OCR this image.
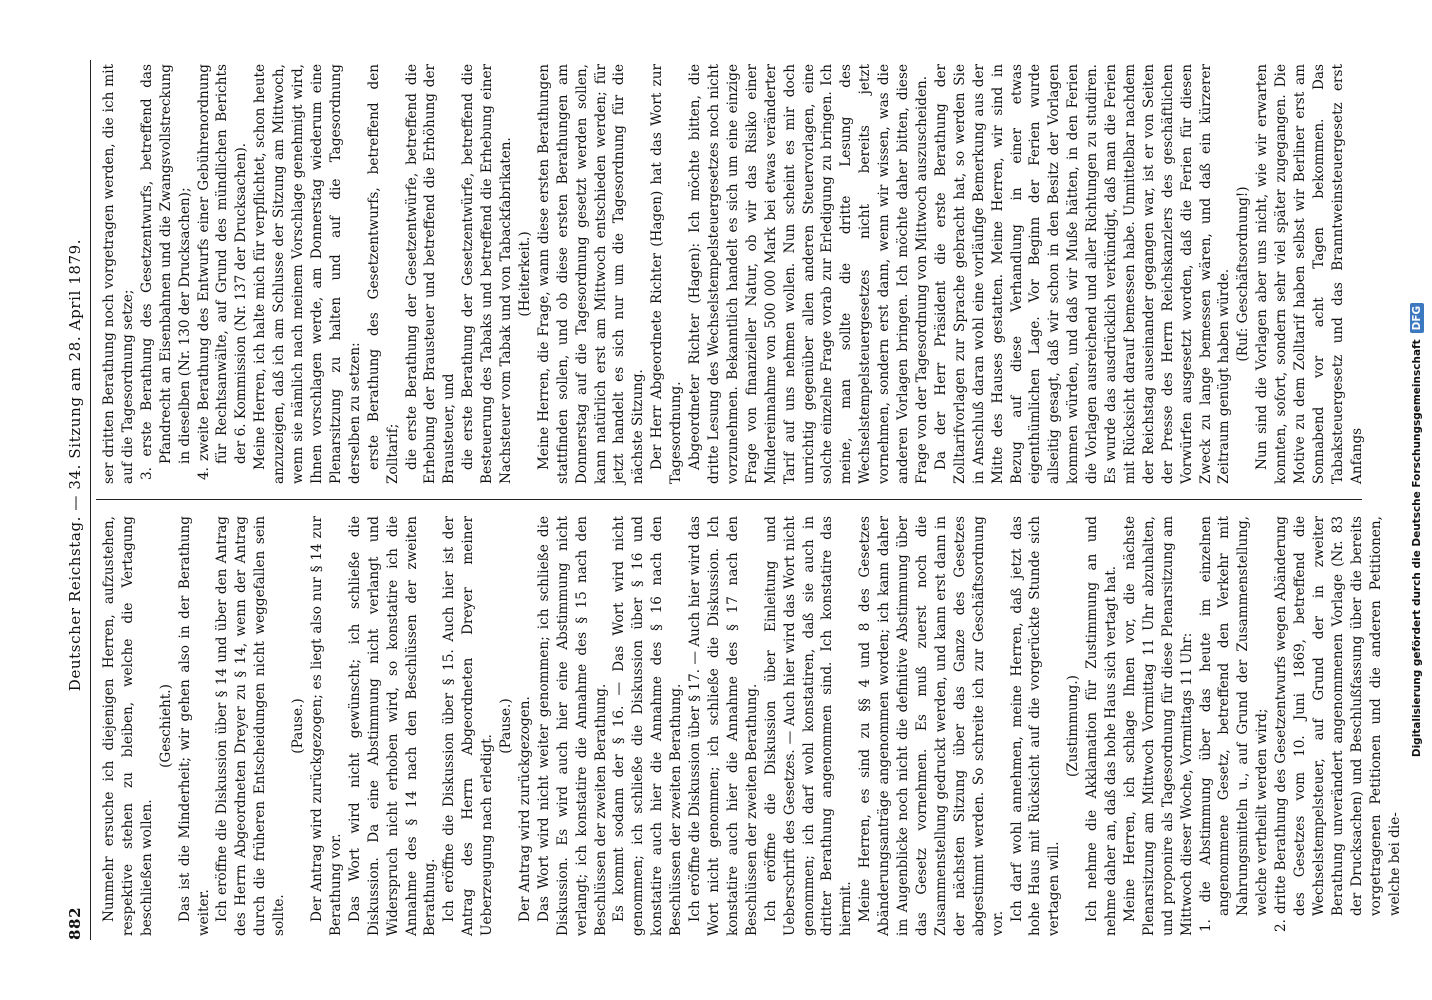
882
Deutscher Reichstag. — 34. Sitzung am 28. April 1879.

Nunmehr ersuche ich diejenigen Herren, aufzustehen, respektive stehen zu bleiben, welche die Vertagung beschließen wollen.

(Geschieht.) Das ist die Minderheit; wir gehen also in der Berathung weiter. Ich eröffne die Diskussion über § 14 und über den Antrag des Herrn Abgeordneten Dreyer zu § 14, wenn der Antrag durch die früheren Entscheidungen nicht weggefallen sein sollte.

(Pause.) Der Antrag wird zurückgezogen; es liegt also nur § 14 zur Berathung vor. Das Wort wird nicht gewünscht; ich schließe die Diskussion. Da eine Abstimmung nicht verlangt und Widerspruch nicht erhoben wird, so konstatire ich die Annahme des § 14 nach den Beschlüssen der zweiten Berathung. Ich eröffne die Diskussion über § 15. Auch hier ist der Antrag des Herrn Abgeordneten Dreyer meiner Ueberzeugung nach erledigt.

(Pause.) Der Antrag wird zurückgezogen. Das Wort wird nicht weiter genommen; ich schließe die Diskussion. Es wird auch hier eine Abstimmung nicht verlangt; ich konstatire die Annahme des § 15 nach den Beschlüssen der zweiten Berathung. Es kommt sodann der § 16. — Das Wort wird nicht genommen; ich schließe die Diskussion über § 16 und konstatire auch hier die Annahme des § 16 nach den Beschlüssen der zweiten Berathung. Ich eröffne die Diskussion über § 17. — Auch hier wird das Wort nicht genommen; ich schließe die Diskussion. Ich konstatire auch hier die Annahme des § 17 nach den Beschlüssen der zweiten Berathung. Ich eröffne die Diskussion über Einleitung und Ueberschrift des Gesetzes. — Auch hier wird das Wort nicht genommen; ich darf wohl konstatiren, daß sie auch in dritter Berathung angenommen sind. Ich konstatire das hiermit. Meine Herren, es sind zu §§ 4 und 8 des Gesetzes Abänderungsanträge angenommen worden; ich kann daher im Augenblicke noch nicht die definitive Abstimmung über das Gesetz vornehmen. Es muß zuerst noch die Zusammenstellung gedruckt werden, und kann erst dann in der nächsten Sitzung über das Ganze des Gesetzes abgestimmt werden. So schreite ich zur Geschäftsordnung vor.

Ich darf wohl annehmen, meine Herren, daß jetzt das hohe Haus mit Rücksicht auf die vorgerückte Stunde sich vertagen will.

(Zustimmung.) Ich nehme die Akklamation für Zustimmung an und nehme daher an, daß das hohe Haus sich vertagt hat. Meine Herren, ich schlage Ihnen vor, die nächste Plenarsitzung am Mittwoch Vormittag 11 Uhr abzuhalten, und proponire als Tagesordnung für diese Plenarsitzung am Mittwoch dieser Woche, Vormittags 11 Uhr: 1. die Abstimmung über das heute im einzelnen angenommene Gesetz, betreffend den Verkehr mit Nahrungsmitteln u., auf Grund der Zusammenstellung, welche vertheilt werden wird; 2. dritte Berathung des Gesetzentwurfs wegen Abänderung des Gesetzes vom 10. Juni 1869, betreffend die Wechselstempelsteuer, auf Grund der in zweiter Berathung unverändert angenommenen Vorlage (Nr. 83 der Drucksachen) und Beschlußfassung über die bereits vorgetragenen Petitionen und die anderen Petitionen, welche bei die-

ser dritten Berathung noch vorgetragen werden, die ich mit auf die Tagesordnung setze; 3. erste Berathung des Gesetzentwurfs, betreffend das Pfandrecht an Eisenbahnen und die Zwangsvollstreckung in dieselben (Nr. 130 der Drucksachen); 4. zweite Berathung des Entwurfs einer Gebührenordnung für Rechtsanwälte, auf Grund des mündlichen Berichts der 6. Kommission (Nr. 137 der Drucksachen). Meine Herren, ich halte mich für verpflichtet, schon heute anzuzeigen, daß ich am Schlusse der Sitzung am Mittwoch, wenn sie nämlich nach meinem Vorschlage genehmigt wird, Ihnen vorschlagen werde, am Donnerstag wiederum eine Plenarsitzung zu halten und auf die Tagesordnung derselben zu setzen: erste Berathung des Gesetzentwurfs, betreffend den Zolltarif; die erste Berathung der Gesetzentwürfe, betreffend die Erhebung der Brausteuer und betreffend die Erhöhung der Brausteuer, und die erste Berathung der Gesetzentwürfe, betreffend die Besteuerung des Tabaks und betreffend die Erhebung einer Nachsteuer vom Tabak und von Tabackfabrikaten. (Heiterkeit.) Meine Herren, die Frage, wann diese ersten Berathungen stattfinden sollen, und ob diese ersten Berathungen am Donnerstag auf die Tagesordnung gesetzt werden sollen, kann natürlich erst am Mittwoch entschieden werden; für jetzt handelt es sich nur um die Tagesordnung für die nächste Sitzung. Der Herr Abgeordnete Richter (Hagen) hat das Wort zur Tagesordnung. Abgeordneter Richter (Hagen): Ich möchte bitten, die dritte Lesung des Wechselstempelsteuergesetzes noch nicht vorzunehmen. Bekanntlich handelt es sich um eine einzige Frage von finanzieller Natur, ob wir das Risiko einer Mindereinnahme von 500 000 Mark bei etwas veränderter Tarif auf uns nehmen wollen. Nun scheint es mir doch unrichtig gegenüber allen anderen Steuervorlagen, eine solche einzelne Frage vorab zur Erledigung zu bringen. Ich meine, man sollte die dritte Lesung des Wechselstempelsteuergesetzes nicht bereits jetzt vornehmen, sondern erst dann, wenn wir wissen, was die anderen Vorlagen bringen. Ich möchte daher bitten, diese Frage von der Tagesordnung von Mittwoch auszuscheiden. Da der Herr Präsident die erste Berathung der Zolltarifvorlagen zur Sprache gebracht hat, so werden Sie in Anschluß daran wohl eine vorläufige Bemerkung aus der Mitte des Hauses gestatten. Meine Herren, wir sind in Bezug auf diese Verhandlung in einer etwas eigenthümlichen Lage. Vor Beginn der Ferien wurde allseitig gesagt, daß wir schon in den Besitz der Vorlagen kommen würden, und daß wir Muße hätten, in den Ferien die Vorlagen ausreichend und aller Richtungen zu studiren. Es wurde das ausdrücklich verkündigt, daß man die Ferien mit Rücksicht darauf bemessen habe. Unmittelbar nachdem der Reichstag auseinander gegangen war, ist er von Seiten der Presse des Herrn Reichskanzlers des geschäftlichen Vorwürfen ausgesetzt worden, daß die Ferien für diesen Zweck zu lange bemessen wären, und daß ein kürzerer Zeitraum genügt haben würde. (Ruf: Geschäftsordnung!) Nun sind die Vorlagen aber uns nicht, wie wir erwarten konnten, sofort, sondern sehr viel später zugegangen. Die Motive zu dem Zolltarif haben selbst wir Berliner erst am Sonnabend vor acht Tagen bekommen. Das Tabaksteuergesetz und das Branntweinsteuergesetz erst Anfangs	Digitalisierung gefördert durch die Deutsche ForschungsgemeinschaftDFG
